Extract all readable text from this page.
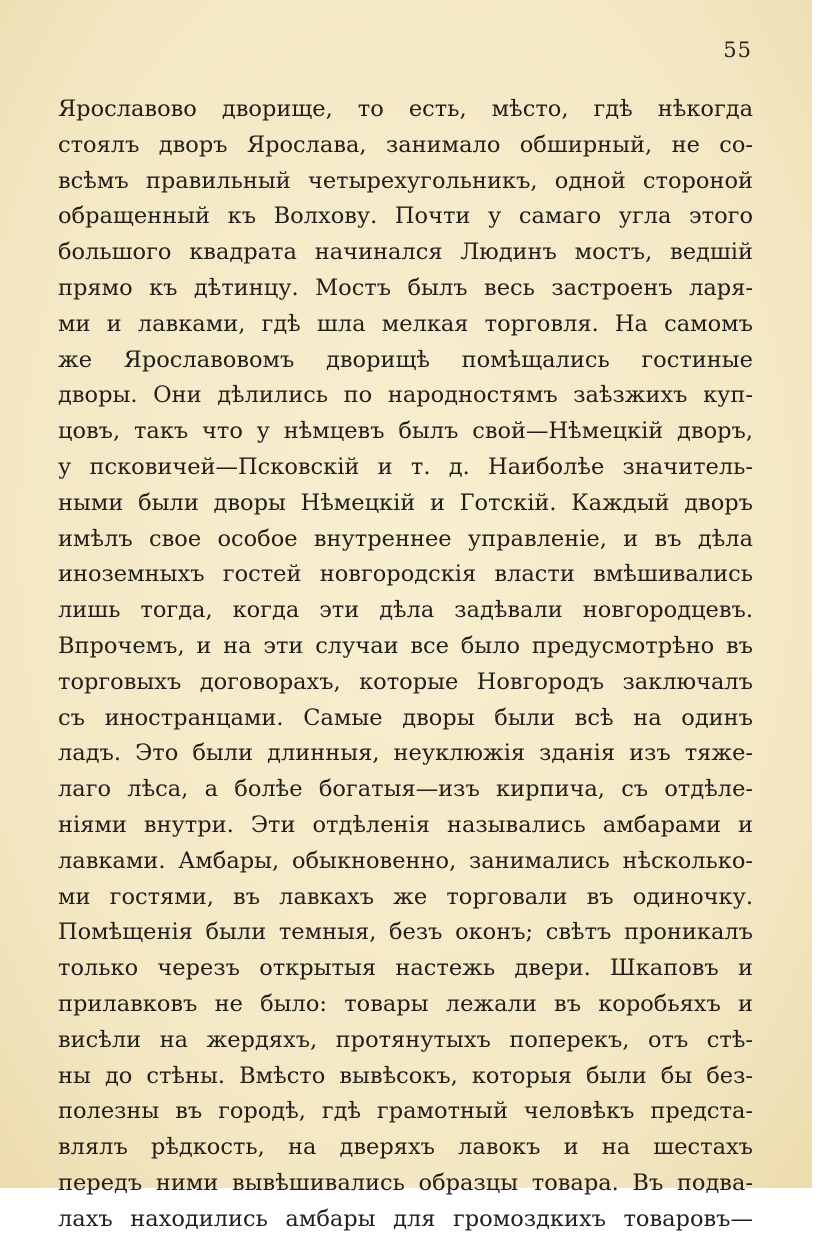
55
Ярославово дворище, то есть, мѣсто, гдѣ нѣкогда
стоялъ дворъ Ярослава, занимало обширный, не со-
всѣмъ правильный четырехугольникъ, одной стороной
обращенный къ Волхову. Почти у самаго угла этого
большого квадрата начинался Людинъ мостъ, ведшій
прямо къ дѣтинцу. Мостъ былъ весь застроенъ ларя-
ми и лавками, гдѣ шла мелкая торговля. На самомъ
же Ярославовомъ дворищѣ помѣщались гостиные
дворы. Они дѣлились по народностямъ заѣзжихъ куп-
цовъ, такъ что у нѣмцевъ былъ свой—Нѣмецкій дворъ,
у псковичей—Псковскій и т. д. Наиболѣе значитель-
ными были дворы Нѣмецкій и Готскій. Каждый дворъ
имѣлъ свое особое внутреннее управленіе, и въ дѣла
иноземныхъ гостей новгородскія власти вмѣшивались
лишь тогда, когда эти дѣла задѣвали новгородцевъ.
Впрочемъ, и на эти случаи все было предусмотрѣно въ
торговыхъ договорахъ, которые Новгородъ заключалъ
съ иностранцами. Самые дворы были всѣ на одинъ
ладъ. Это были длинныя, неуклюжія зданія изъ тяже-
лаго лѣса, а болѣе богатыя—изъ кирпича, съ отдѣле-
ніями внутри. Эти отдѣленія назывались амбарами и
лавками. Амбары, обыкновенно, занимались нѣсколько-
ми гостями, въ лавкахъ же торговали въ одиночку.
Помѣщенія были темныя, безъ оконъ; свѣтъ проникалъ
только черезъ открытыя настежь двери. Шкаповъ и
прилавковъ не было: товары лежали въ коробьяхъ и
висѣли на жердяхъ, протянутыхъ поперекъ, отъ стѣ-
ны до стѣны. Вмѣсто вывѣсокъ, которыя были бы без-
полезны въ городѣ, гдѣ грамотный человѣкъ предста-
влялъ рѣдкость, на дверяхъ лавокъ и на шестахъ
передъ ними вывѣшивались образцы товара. Въ подва-
лахъ находились амбары для громоздкихъ товаровъ—
